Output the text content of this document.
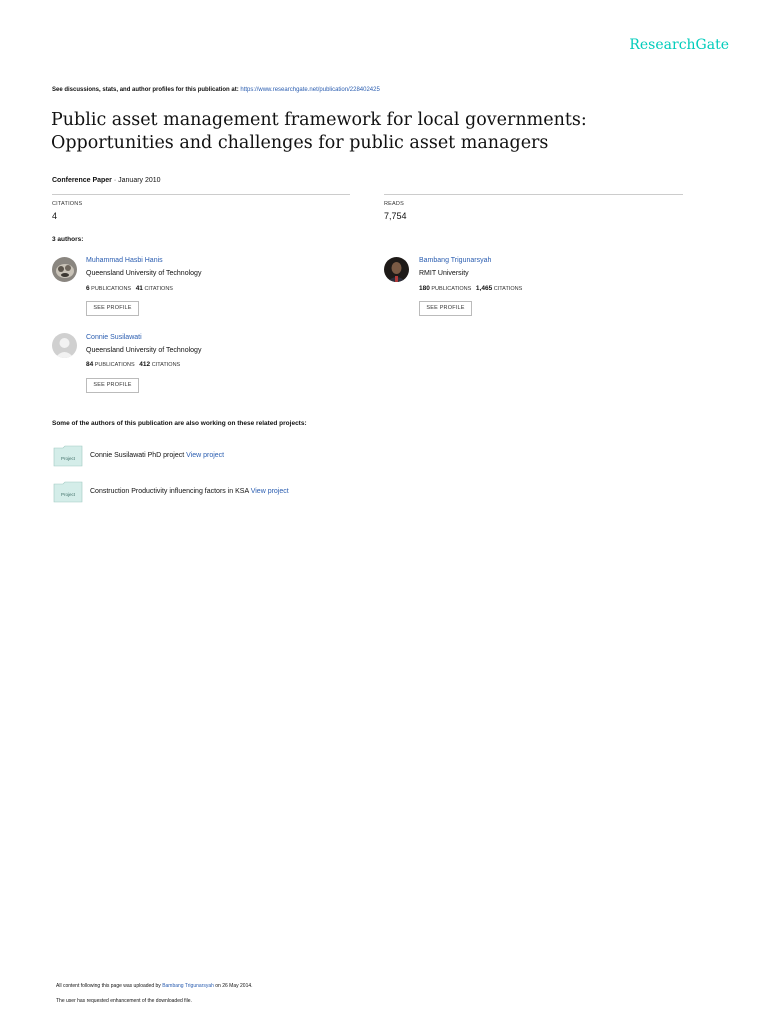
ResearchGate
See discussions, stats, and author profiles for this publication at: https://www.researchgate.net/publication/228402425
Public asset management framework for local governments: Opportunities and challenges for public asset managers
Conference Paper · January 2010
CITATIONS
4
READS
7,754
3 authors:
Muhammad Hasbi Hanis
Queensland University of Technology
6 PUBLICATIONS 41 CITATIONS
SEE PROFILE
Bambang Trigunarsyah
RMIT University
180 PUBLICATIONS 1,465 CITATIONS
SEE PROFILE
Connie Susilawati
Queensland University of Technology
84 PUBLICATIONS 412 CITATIONS
SEE PROFILE
Some of the authors of this publication are also working on these related projects:
Project Connie Susilawati PhD project View project
Project Construction Productivity influencing factors in KSA View project
All content following this page was uploaded by Bambang Trigunarsyah on 26 May 2014.
The user has requested enhancement of the downloaded file.
